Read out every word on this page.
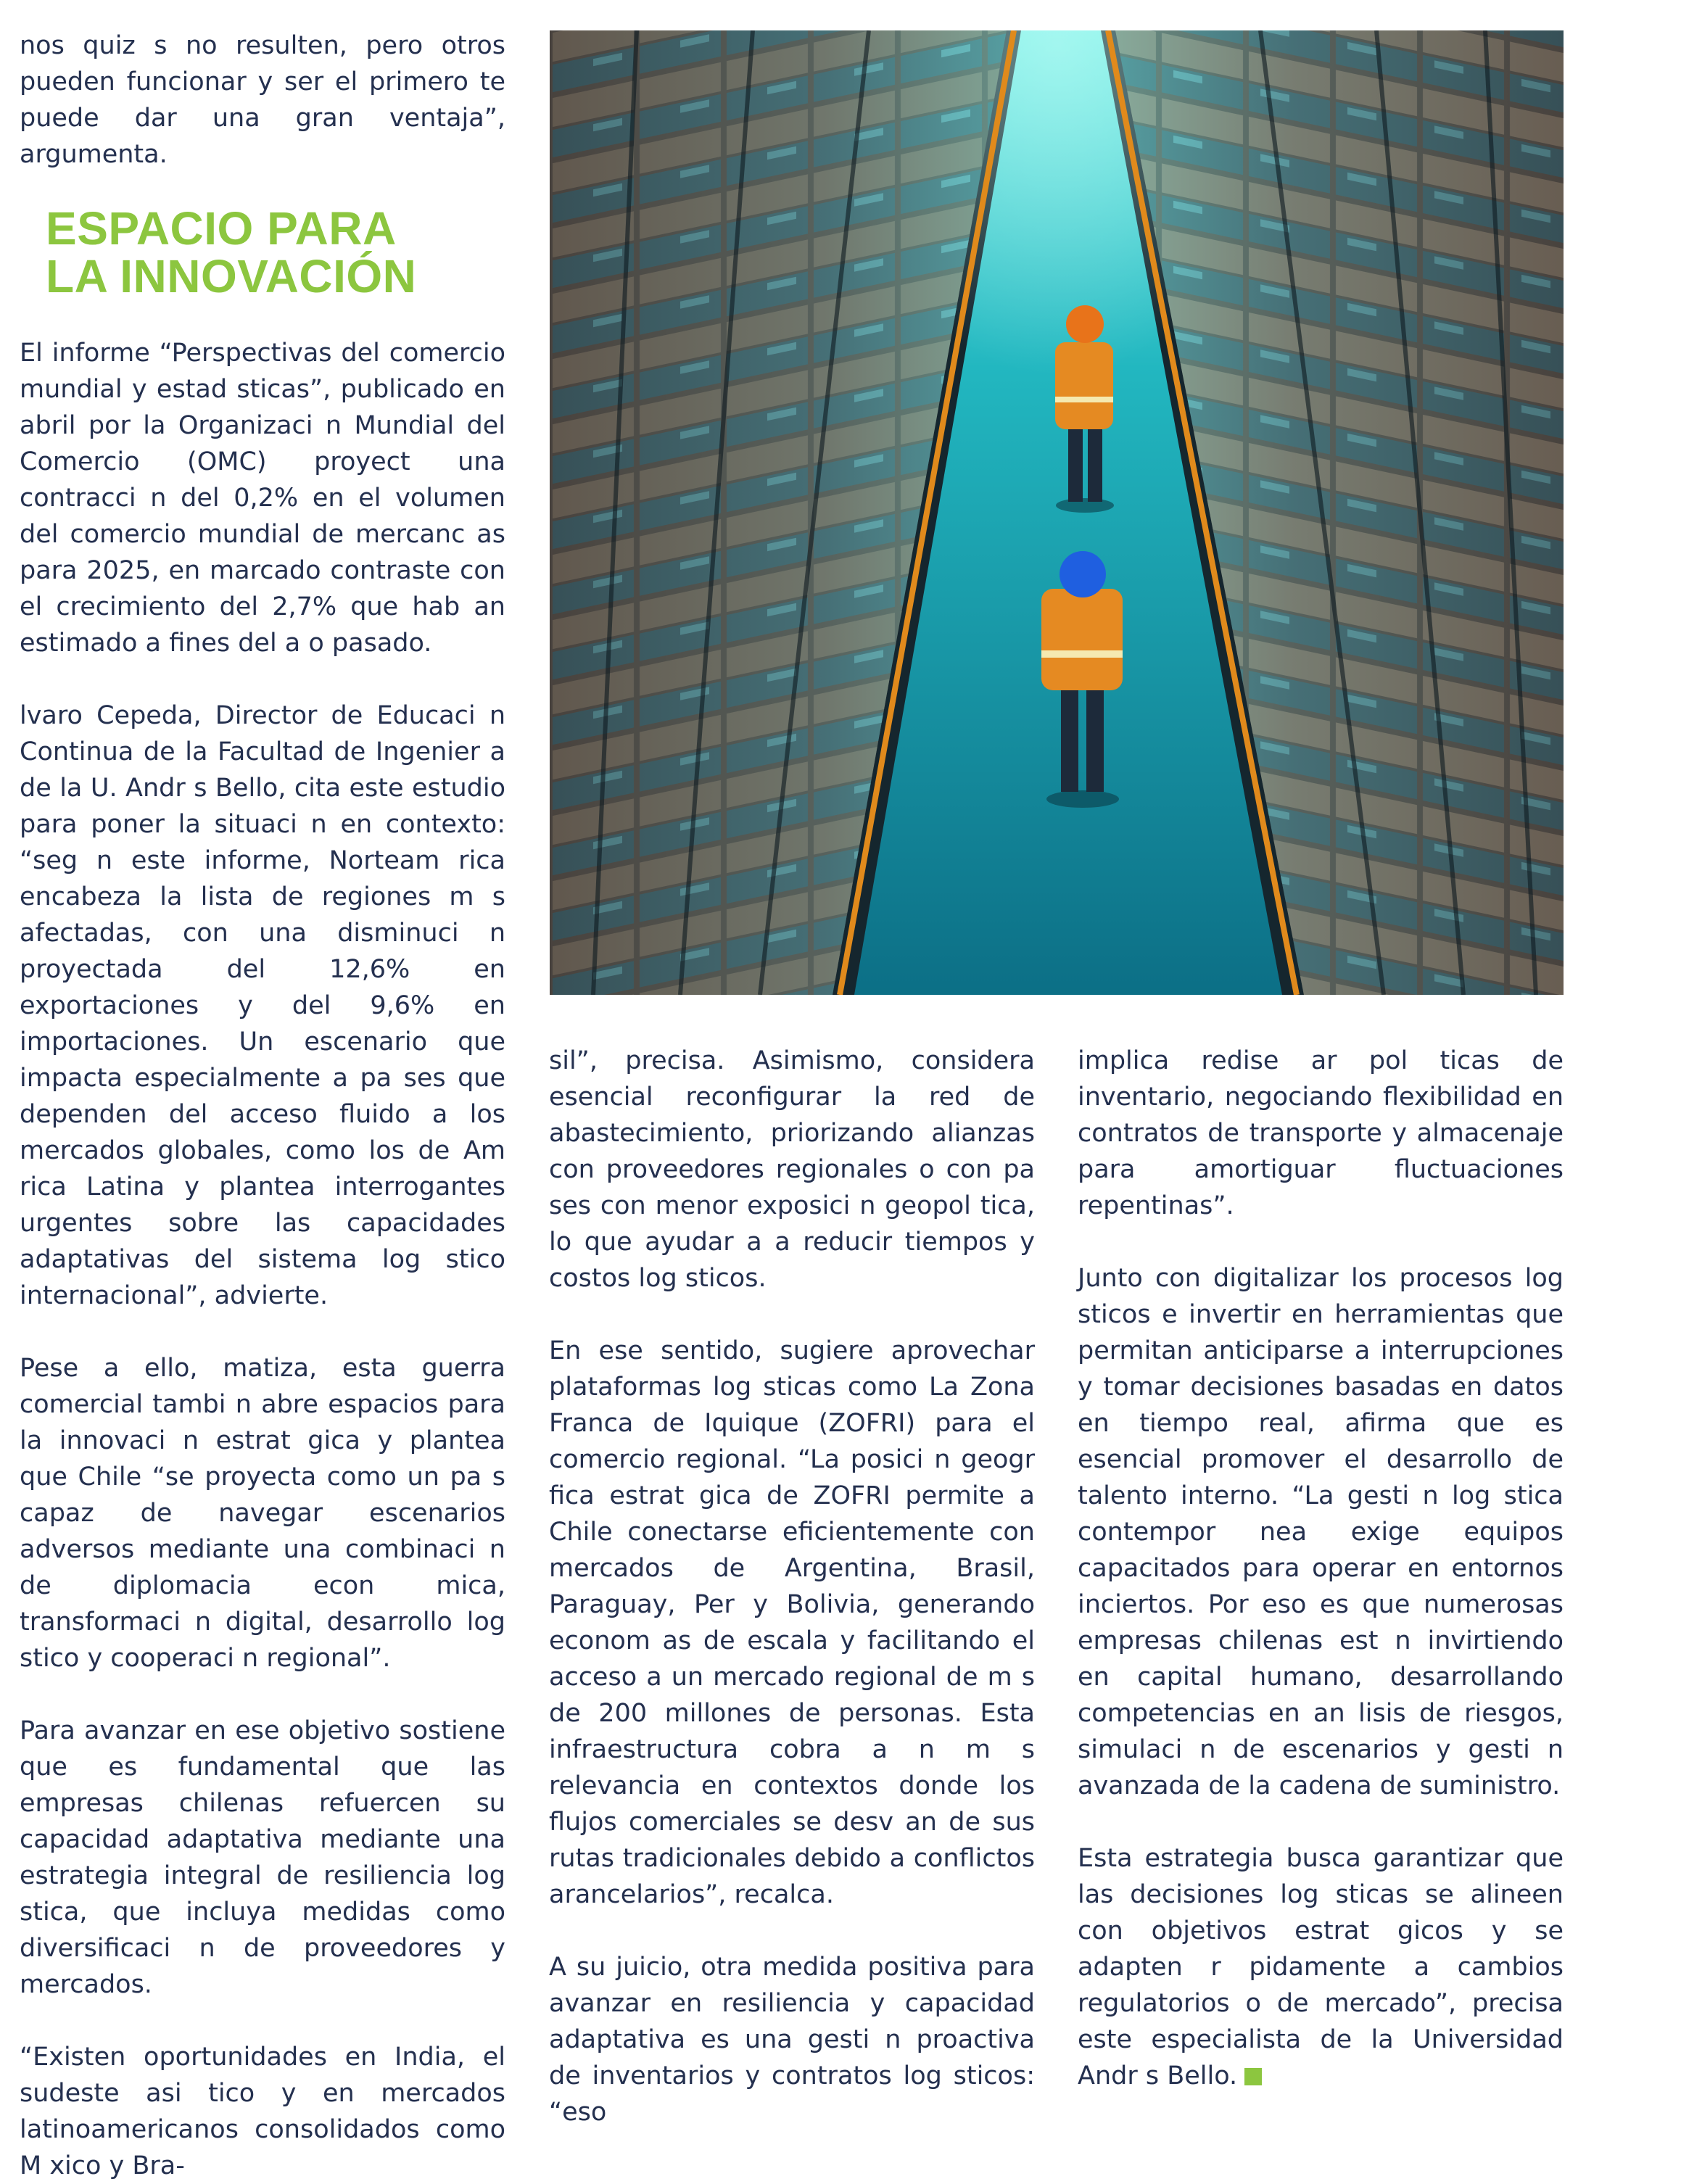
nos quiz s no resulten, pero otros pueden funcionar y ser el primero te puede dar una gran ventaja”, argumenta.

ESPACIO PARA
LA INNOVACIÓN

El informe “Perspectivas del comercio mundial y estad sticas”, publicado en abril por la Organizaci n Mundial del Comercio (OMC) proyect una contracci n del 0,2% en el volumen del comercio mundial de mercanc as para 2025, en marcado contraste con el crecimiento del 2,7% que hab an estimado a fines del a o pasado.

lvaro Cepeda, Director de Educaci n Continua de la Facultad de Ingenier a de la U. Andr s Bello, cita este estudio para poner la situaci n en contexto: “seg n este informe, Norteam rica encabeza la lista de regiones m s afectadas, con una disminuci n proyectada del 12,6% en exportaciones y del 9,6% en importaciones. Un escenario que impacta especialmente a pa ses que dependen del acceso fluido a los mercados globales, como los de Am rica Latina y plantea interrogantes urgentes sobre las capacidades adaptativas del sistema log stico internacional”, advierte.

Pese a ello, matiza, esta guerra comercial tambi n abre espacios para la innovaci n estrat gica y plantea que Chile “se proyecta como un pa s capaz de navegar escenarios adversos mediante una combinaci n de diplomacia econ mica, transformaci n digital, desarrollo log stico y cooperaci n regional”.

Para avanzar en ese objetivo sostiene que es fundamental que las empresas chilenas refuercen su capacidad adaptativa mediante una estrategia integral de resiliencia log stica, que incluya medidas como diversificaci n de proveedores y mercados.

“Existen oportunidades en India, el sudeste asi tico y en mercados latinoamericanos consolidados como M xico y Bra-

sil”, precisa. Asimismo, considera esencial reconfigurar la red de abastecimiento, priorizando alianzas con proveedores regionales o con pa ses con menor exposici n geopol tica, lo que ayudar a a reducir tiempos y costos log sticos.

En ese sentido, sugiere aprovechar plataformas log sticas como La Zona Franca de Iquique (ZOFRI) para el comercio regional. “La posici n geogr fica estrat gica de ZOFRI permite a Chile conectarse eficientemente con mercados de Argentina, Brasil, Paraguay, Per y Bolivia, generando econom as de escala y facilitando el acceso a un mercado regional de m s de 200 millones de personas. Esta infraestructura cobra a n m s relevancia en contextos donde los flujos comerciales se desv an de sus rutas tradicionales debido a conflictos arancelarios”, recalca.

A su juicio, otra medida positiva para avanzar en resiliencia y capacidad adaptativa es una gesti n proactiva de inventarios y contratos log sticos: “eso

implica redise ar pol ticas de inventario, negociando flexibilidad en contratos de transporte y almacenaje para amortiguar fluctuaciones repentinas”.

Junto con digitalizar los procesos log sticos e invertir en herramientas que permitan anticiparse a interrupciones y tomar decisiones basadas en datos en tiempo real, afirma que es esencial promover el desarrollo de talento interno. “La gesti n log stica contempor nea exige equipos capacitados para operar en entornos inciertos. Por eso es que numerosas empresas chilenas est n invirtiendo en capital humano, desarrollando competencias en an lisis de riesgos, simulaci n de escenarios y gesti n avanzada de la cadena de suministro.

Esta estrategia busca garantizar que las decisiones log sticas se alineen con objetivos estrat gicos y se adapten r pidamente a cambios regulatorios o de mercado”, precisa este especialista de la Universidad Andr s Bello.
